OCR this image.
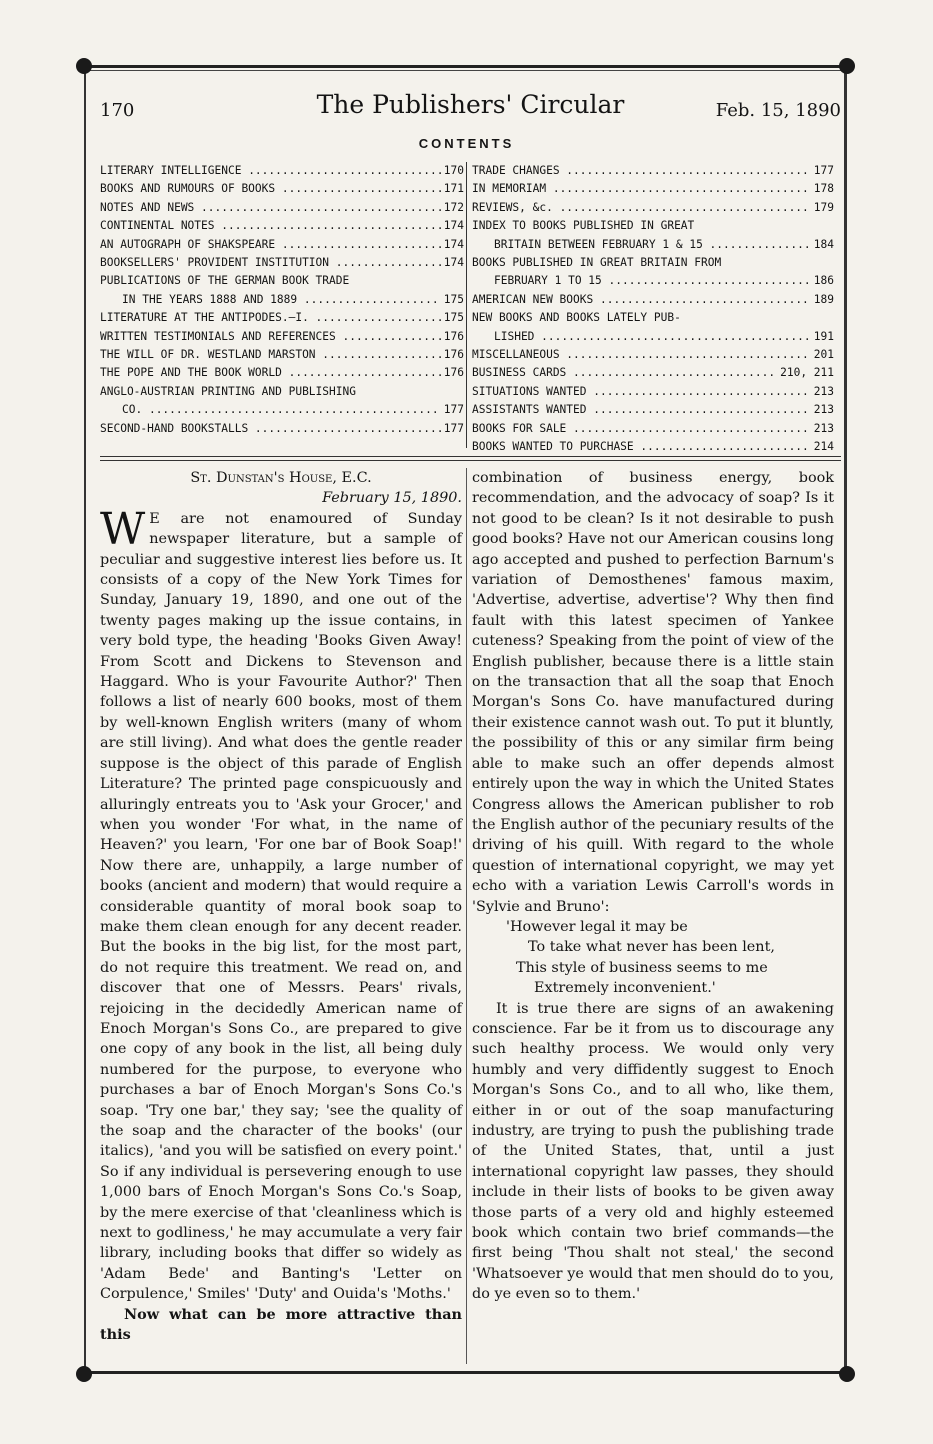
170	The Publishers' Circular	Feb. 15, 1890
CONTENTS
LITERARY INTELLIGENCE .....	170
BOOKS AND RUMOURS OF BOOKS .....	171
NOTES AND NEWS .....	172
CONTINENTAL NOTES .....	174
AN AUTOGRAPH OF SHAKSPEARE .....	174
BOOKSELLERS' PROVIDENT INSTITUTION .....	174
PUBLICATIONS OF THE GERMAN BOOK TRADE
IN THE YEARS 1888 AND 1889 .....	175
LITERATURE AT THE ANTIPODES.—I. .....	175
WRITTEN TESTIMONIALS AND REFERENCES .....	176
THE WILL OF DR. WESTLAND MARSTON .....	176
THE POPE AND THE BOOK WORLD .....	176
ANGLO-AUSTRIAN PRINTING AND PUBLISHING
CO. .....	177
SECOND-HAND BOOKSTALLS .....	177
TRADE CHANGES .....	177
IN MEMORIAM .....	178
REVIEWS, &c. .....	179
INDEX TO BOOKS PUBLISHED IN GREAT
BRITAIN BETWEEN FEBRUARY 1 & 15 .....	184
BOOKS PUBLISHED IN GREAT BRITAIN FROM
FEBRUARY 1 TO 15 .....	186
AMERICAN NEW BOOKS .....	189
NEW BOOKS AND BOOKS LATELY PUB-
LISHED .....	191
MISCELLANEOUS .....	201
BUSINESS CARDS .....	210, 211
SITUATIONS WANTED .....	213
ASSISTANTS WANTED .....	213
BOOKS FOR SALE .....	213
BOOKS WANTED TO PURCHASE .....	214

St. Dunstan's House, E.C.

February 15, 1890.

W E are not enamoured of Sunday newspaper literature, but a sample of peculiar and suggestive interest lies before us. It consists of a copy of the New York Times for Sunday, January 19, 1890, and one out of the twenty pages making up the issue contains, in very bold type, the heading 'Books Given Away! From Scott and Dickens to Stevenson and Haggard. Who is your Favourite Author?' Then follows a list of nearly 600 books, most of them by well-known English writers (many of whom are still living). And what does the gentle reader suppose is the object of this parade of English Literature? The printed page conspicuously and alluringly entreats you to 'Ask your Grocer,' and when you wonder 'For what, in the name of Heaven?' you learn, 'For one bar of Book Soap!' Now there are, unhappily, a large number of books (ancient and modern) that would require a considerable quantity of moral book soap to make them clean enough for any decent reader. But the books in the big list, for the most part, do not require this treatment. We read on, and discover that one of Messrs. Pears' rivals, rejoicing in the decidedly American name of Enoch Morgan's Sons Co., are prepared to give one copy of any book in the list, all being duly numbered for the purpose, to everyone who purchases a bar of Enoch Morgan's Sons Co.'s soap. 'Try one bar,' they say; 'see the quality of the soap and the character of the books' (our italics), 'and you will be satisfied on every point.' So if any individual is persevering enough to use 1,000 bars of Enoch Morgan's Sons Co.'s Soap, by the mere exercise of that 'cleanliness which is next to godliness,' he may accumulate a very fair library, including books that differ so widely as 'Adam Bede' and Banting's 'Letter on Corpulence,' Smiles' 'Duty' and Ouida's 'Moths.'

Now what can be more attractive than this

combination of business energy, book recommendation, and the advocacy of soap? Is it not good to be clean? Is it not desirable to push good books? Have not our American cousins long ago accepted and pushed to perfection Barnum's variation of Demosthenes' famous maxim, 'Advertise, advertise, advertise'? Why then find fault with this latest specimen of Yankee cuteness? Speaking from the point of view of the English publisher, because there is a little stain on the transaction that all the soap that Enoch Morgan's Sons Co. have manufactured during their existence cannot wash out. To put it bluntly, the possibility of this or any similar firm being able to make such an offer depends almost entirely upon the way in which the United States Congress allows the American publisher to rob the English author of the pecuniary results of the driving of his quill. With regard to the whole question of international copyright, we may yet echo with a variation Lewis Carroll's words in 'Sylvie and Bruno':

'However legal it may be
To take what never has been lent,
This style of business seems to me
Extremely inconvenient.'

It is true there are signs of an awakening conscience. Far be it from us to discourage any such healthy process. We would only very humbly and very diffidently suggest to Enoch Morgan's Sons Co., and to all who, like them, either in or out of the soap manufacturing industry, are trying to push the publishing trade of the United States, that, until a just international copyright law passes, they should include in their lists of books to be given away those parts of a very old and highly esteemed book which contain two brief commands—the first being 'Thou shalt not steal,' the second 'Whatsoever ye would that men should do to you, do ye even so to them.'
